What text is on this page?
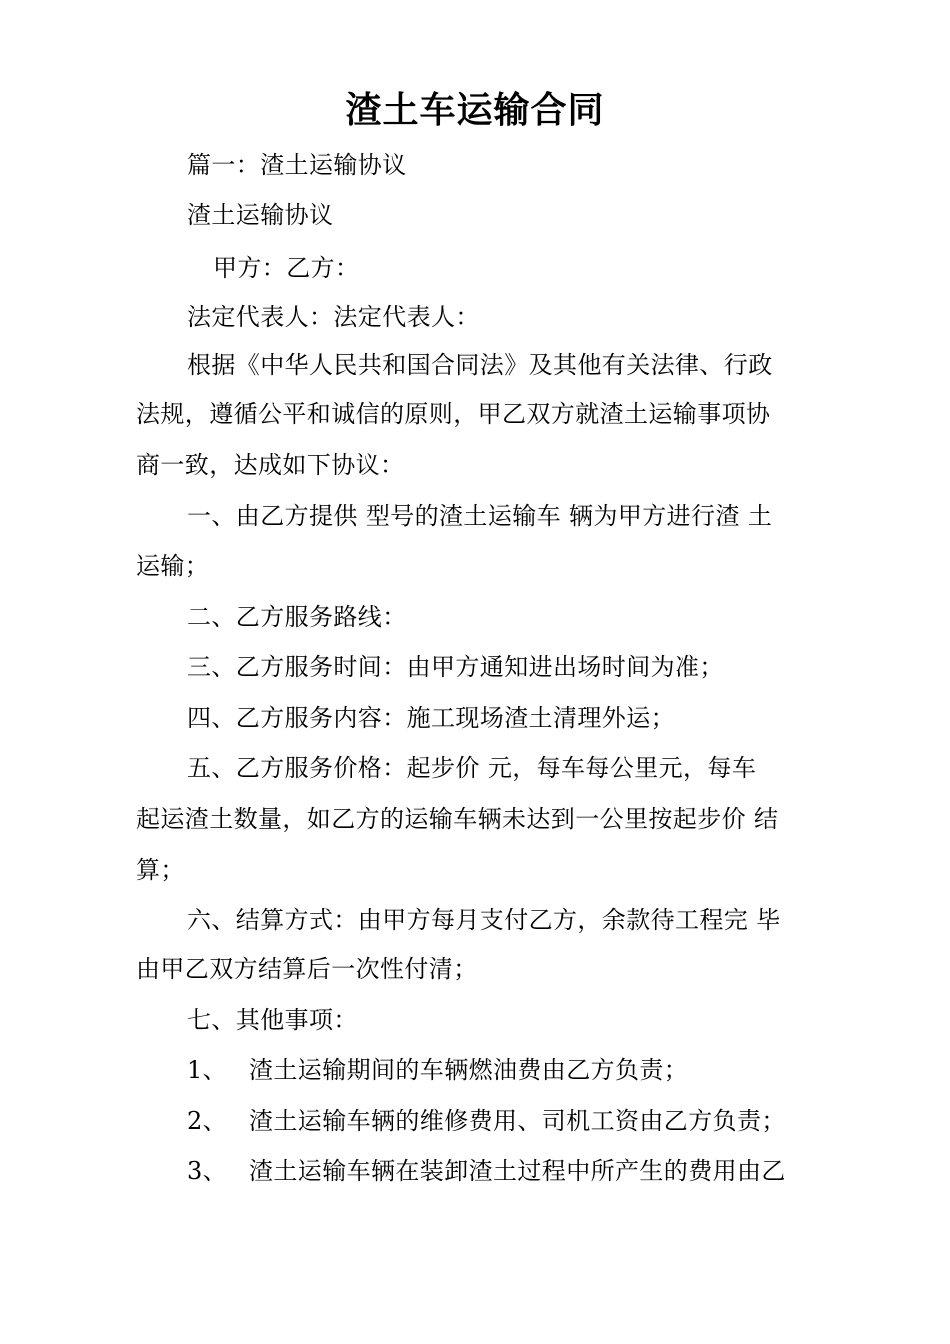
渣土车运输合同
篇一：渣土运输协议
渣土运输协议
甲方：乙方：
法定代表人：法定代表人：
根据《中华人民共和国合同法》及其他有关法律、行政
法规，遵循公平和诚信的原则，甲乙双方就渣土运输事项协
商一致，达成如下协议：
一、由乙方提供 型号的渣土运输车 辆为甲方进行渣 土
运输；
二、乙方服务路线：
三、乙方服务时间：由甲方通知进出场时间为准；
四、乙方服务内容：施工现场渣土清理外运；
五、乙方服务价格：起步价 元，每车每公里元，每车
起运渣土数量，如乙方的运输车辆未达到一公里按起步价 结
算；
六、结算方式：由甲方每月支付乙方，余款待工程完 毕
由甲乙双方结算后一次性付清；
七、其他事项：
1、 渣土运输期间的车辆燃油费由乙方负责；
2、 渣土运输车辆的维修费用、司机工资由乙方负责；
3、 渣土运输车辆在装卸渣土过程中所产生的费用由乙
